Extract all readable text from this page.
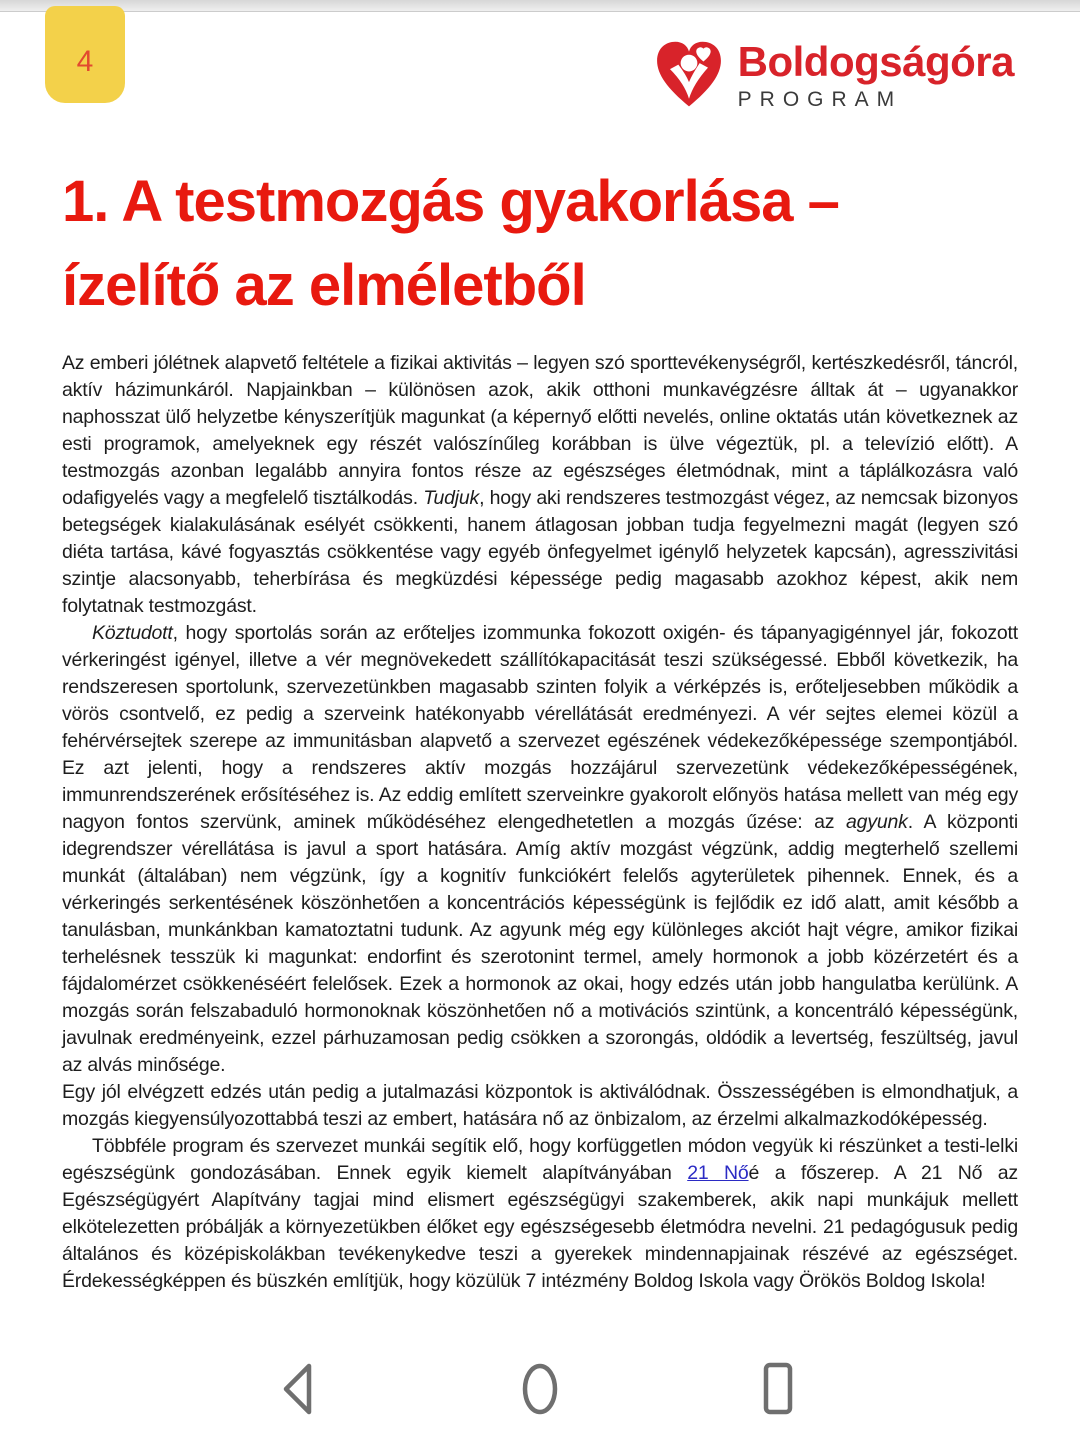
4	Boldogságóra
PROGRAM
1. A testmozgás gyakorlása –
ízelítő az elméletből

Az emberi jólétnek alapvető feltétele a fizikai aktivitás – legyen szó sporttevékenységről, kertészkedésről, táncról, aktív házimunkáról. Napjainkban – különösen azok, akik otthoni munkavégzésre álltak át – ugyanakkor naphosszat ülő helyzetbe kényszerítjük magunkat (a képernyő előtti nevelés, online oktatás után következnek az esti programok, amelyeknek egy részét valószínűleg korábban is ülve végeztük, pl. a televízió előtt). A testmozgás azonban legalább annyira fontos része az egészséges életmódnak, mint a táplálkozásra való odafigyelés vagy a megfelelő tisztálkodás. Tudjuk, hogy aki rendszeres testmozgást végez, az nemcsak bizonyos betegségek kialakulásának esélyét csökkenti, hanem átlagosan jobban tudja fegyelmezni magát (legyen szó diéta tartása, kávé fogyasztás csökkentése vagy egyéb önfegyelmet igénylő helyzetek kapcsán), agresszivitási szintje alacsonyabb, teherbírása és megküzdési képessége pedig magasabb azokhoz képest, akik nem folytatnak testmozgást.

Köztudott, hogy sportolás során az erőteljes izommunka fokozott oxigén- és tápanyagigénnyel jár, fokozott vérkeringést igényel, illetve a vér megnövekedett szállítókapacitását teszi szükségessé. Ebből következik, ha rendszeresen sportolunk, szervezetünkben magasabb szinten folyik a vérképzés is, erőteljesebben működik a vörös csontvelő, ez pedig a szerveink hatékonyabb vérellátását eredményezi. A vér sejtes elemei közül a fehérvérsejtek szerepe az immunitásban alapvető a szervezet egészének védekezőképessége szempontjából. Ez azt jelenti, hogy a rendszeres aktív mozgás hozzájárul szervezetünk védekezőképességének, immunrendszerének erősítéséhez is. Az eddig említett szerveinkre gyakorolt előnyös hatása mellett van még egy nagyon fontos szervünk, aminek működéséhez elengedhetetlen a mozgás űzése: az agyunk. A központi idegrendszer vérellátása is javul a sport hatására. Amíg aktív mozgást végzünk, addig megterhelő szellemi munkát (általában) nem végzünk, így a kognitív funkciókért felelős agyterületek pihennek. Ennek, és a vérkeringés serkentésének köszönhetően a koncentrációs képességünk is fejlődik ez idő alatt, amit később a tanulásban, munkánkban kamatoztatni tudunk. Az agyunk még egy különleges akciót hajt végre, amikor fizikai terhelésnek tesszük ki magunkat: endorfint és szerotonint termel, amely hormonok a jobb közérzetért és a fájdalomérzet csökkenéséért felelősek. Ezek a hormonok az okai, hogy edzés után jobb hangulatba kerülünk. A mozgás során felszabaduló hormonoknak köszönhetően nő a motivációs szintünk, a koncentráló képességünk, javulnak eredményeink, ezzel párhuzamosan pedig csökken a szorongás, oldódik a levertség, feszültség, javul az alvás minősége.

Egy jól elvégzett edzés után pedig a jutalmazási központok is aktiválódnak. Összességében is elmondhatjuk, a mozgás kiegyensúlyozottabbá teszi az embert, hatására nő az önbizalom, az érzelmi alkalmazkodóképesség.

Többféle program és szervezet munkái segítik elő, hogy korfüggetlen módon vegyük ki részünket a testi-lelki egészségünk gondozásában. Ennek egyik kiemelt alapítványában 21 Nőé a főszerep. A 21 Nő az Egészségügyért Alapítvány tagjai mind elismert egészségügyi szakemberek, akik napi munkájuk mellett elkötelezetten próbálják a környezetükben élőket egy egészségesebb életmódra nevelni. 21 pedagógusuk pedig általános és középiskolákban tevékenykedve teszi a gyerekek mindennapjainak részévé az egészséget. Érdekességképpen és büszkén említjük, hogy közülük 7 intézmény Boldog Iskola vagy Örökös Boldog Iskola!
